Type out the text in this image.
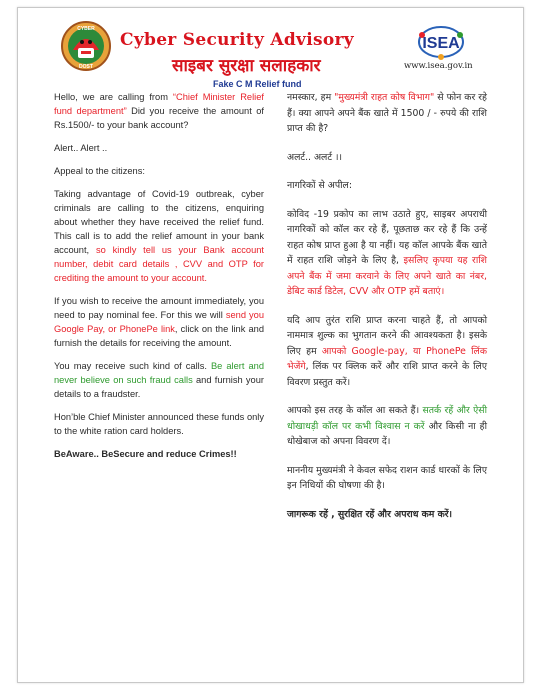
CYBER
DOST
Cyber Security Advisory
साइबर सुरक्षा सलाहकार
Fake C M Relief fund
ISEA
www.isea.gov.in

Hello, we are calling from “Chief Minister Relief fund department” Did you receive the amount of Rs.1500/- to your bank account?

Alert.. Alert ..

Appeal to the citizens:

Taking advantage of Covid-19 outbreak, cyber criminals are calling to the citizens, enquiring about whether they have received the relief fund. This call is to add the relief amount in your bank account, so kindly tell us your Bank account number, debit card details , CVV and OTP for crediting the amount to your account.

If you wish to receive the amount immediately, you need to pay nominal fee. For this we will send you Google Pay, or PhonePe link, click on the link and furnish the details for receiving the amount.

You may receive such kind of calls. Be alert and never believe on such fraud calls and furnish your details to a fraudster.

Hon’ble Chief Minister announced these funds only to the white ration card holders.

BeAware.. BeSecure and reduce Crimes!!

नमस्कार, हम "मुख्यमंत्री राहत कोष विभाग" से फोन कर रहे हैं। क्या आपने अपने बैंक खाते में 1500 / - रुपये की राशि प्राप्त की है?

अलर्ट.. अलर्ट ।।

नागरिकों से अपील:

कोविद -19 प्रकोप का लाभ उठाते हुए, साइबर अपराधी नागरिकों को कॉल कर रहे हैं, पूछताछ कर रहे हैं कि उन्हें राहत कोष प्राप्त हुआ है या नहीं। यह कॉल आपके बैंक खाते में राहत राशि जोड़ने के लिए है, इसलिए कृपया यह राशि अपने बैंक में जमा करवाने के लिए अपने खाते का नंबर, डेबिट कार्ड डिटेल, CVV और OTP हमें बताएं।

यदि आप तुरंत राशि प्राप्त करना चाहते हैं, तो आपको नाममात्र शुल्क का भुगतान करने की आवश्यकता है। इसके लिए हम आपको Google-pay, या PhonePe लिंक भेजेंगे, लिंक पर क्लिक करें और राशि प्राप्त करने के लिए विवरण प्रस्तुत करें।

आपको इस तरह के कॉल आ सकते हैं। सतर्क रहें और ऐसी धोखाधड़ी कॉल पर कभी विश्वास न करें और किसी ना ही धोखेबाज को अपना विवरण दें।

माननीय मुख्यमंत्री ने केवल सफेद राशन कार्ड धारकों के लिए इन निधियों की घोषणा की है।

जागरूक रहें , सुरक्षित रहें और अपराध कम करें।
